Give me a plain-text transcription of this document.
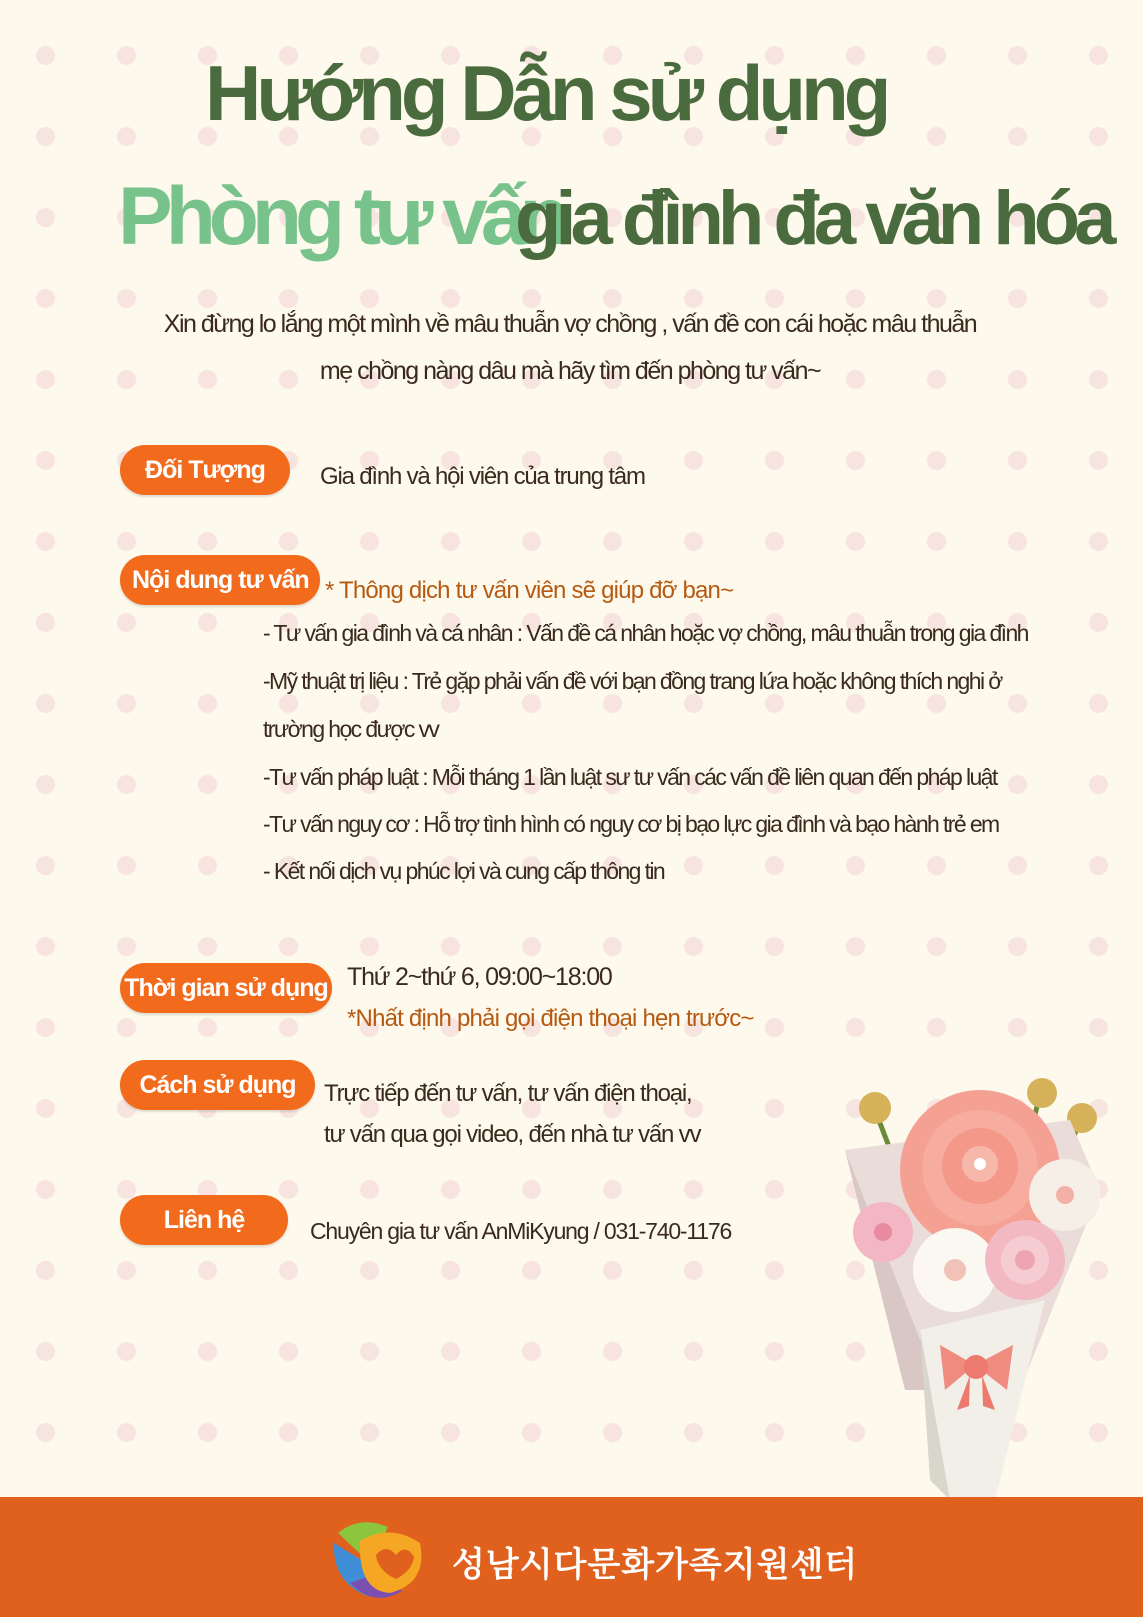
Hướng Dẫn sử dụng
Phòng tư vấn
gia đình đa văn hóa
Xin đừng lo lắng một mình về mâu thuẫn vợ chồng , vấn đề con cái hoặc mâu thuẫn
mẹ chồng nàng dâu mà hãy tìm đến phòng tư vấn~
Đối Tượng	Gia đình và hội viên của trung tâm
Nội dung tư vấn * Thông dịch tư vấn viên sẽ giúp đỡ bạn~
- Tư vấn gia đình và cá nhân : Vấn đề cá nhân hoặc vợ chồng, mâu thuẫn trong gia đình
-Mỹ thuật trị liệu : Trẻ gặp phải vấn đề với bạn đồng trang lứa hoặc không thích nghi ở
trường học được vv
-Tư vấn pháp luật : Mỗi tháng 1 lần luật sư tư vấn các vấn đề liên quan đến pháp luật
-Tư vấn nguy cơ : Hỗ trợ tình hình có nguy cơ bị bạo lực gia đình và bạo hành trẻ em
- Kết nối dịch vụ phúc lợi và cung cấp thông tin
Thời gian sử dụng Thứ 2~thứ 6, 09:00~18:00
*Nhất định phải gọi điện thoại hẹn trước~
Cách sử dụng	Trực tiếp đến tư vấn, tư vấn điện thoại,
tư vấn qua gọi video, đến nhà tư vấn vv
Liên hệ	Chuyên gia tư vấn AnMiKyung / 031-740-1176
성남시다문화가족지원센터
